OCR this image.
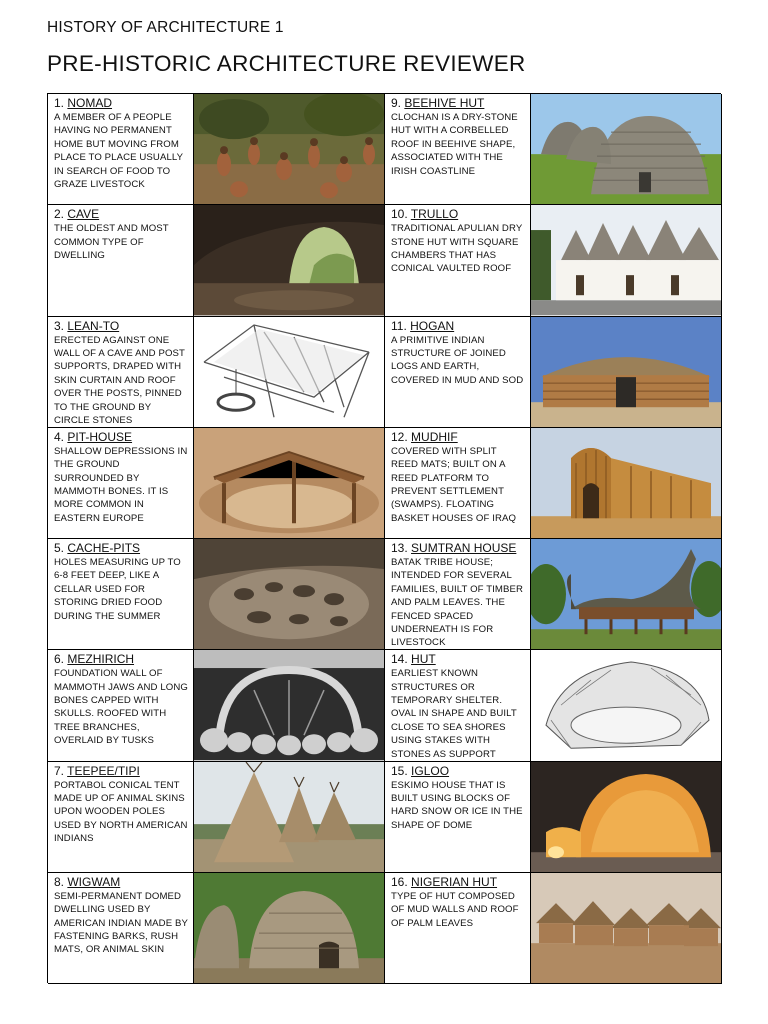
HISTORY OF ARCHITECTURE 1
PRE-HISTORIC ARCHITECTURE REVIEWER
1. NOMAD
A MEMBER OF A PEOPLE HAVING NO PERMANENT HOME BUT MOVING FROM PLACE TO PLACE USUALLY IN SEARCH OF FOOD TO GRAZE LIVESTOCK
9. BEEHIVE HUT
CLOCHAN IS A DRY-STONE HUT WITH A CORBELLED ROOF IN BEEHIVE SHAPE, ASSOCIATED WITH THE IRISH COASTLINE
2. CAVE
THE OLDEST AND MOST COMMON TYPE OF DWELLING
10. TRULLO
TRADITIONAL APULIAN DRY STONE HUT WITH SQUARE CHAMBERS THAT HAS CONICAL VAULTED ROOF
3. LEAN-TO
ERECTED AGAINST ONE WALL OF A CAVE AND POST SUPPORTS, DRAPED WITH SKIN CURTAIN AND ROOF OVER THE POSTS, PINNED TO THE GROUND BY CIRCLE STONES
11. HOGAN
A PRIMITIVE INDIAN STRUCTURE OF JOINED LOGS AND EARTH, COVERED IN MUD AND SOD
4. PIT-HOUSE
SHALLOW DEPRESSIONS IN THE GROUND SURROUNDED BY MAMMOTH BONES. IT IS MORE COMMON IN EASTERN EUROPE
12. MUDHIF
COVERED WITH SPLIT REED MATS; BUILT ON A REED PLATFORM TO PREVENT SETTLEMENT (SWAMPS). FLOATING BASKET HOUSES OF IRAQ
5. CACHE-PITS
HOLES MEASURING UP TO 6-8 FEET DEEP, LIKE A CELLAR USED FOR STORING DRIED FOOD DURING THE SUMMER
13. SUMTRAN HOUSE
BATAK TRIBE HOUSE; INTENDED FOR SEVERAL FAMILIES, BUILT OF TIMBER AND PALM LEAVES. THE FENCED SPACED UNDERNEATH IS FOR LIVESTOCK
6. MEZHIRICH
FOUNDATION WALL OF MAMMOTH JAWS AND LONG BONES CAPPED WITH SKULLS. ROOFED WITH TREE BRANCHES, OVERLAID BY TUSKS
14. HUT
EARLIEST KNOWN STRUCTURES OR TEMPORARY SHELTER. OVAL IN SHAPE AND BUILT CLOSE TO SEA SHORES USING STAKES WITH STONES AS SUPPORT
7. TEEPEE/TIPI
PORTABOL CONICAL TENT MADE UP OF ANIMAL SKINS UPON WOODEN POLES USED BY NORTH AMERICAN INDIANS
15. IGLOO
ESKIMO HOUSE THAT IS BUILT USING BLOCKS OF HARD SNOW OR ICE IN THE SHAPE OF DOME
8. WIGWAM
SEMI-PERMANENT DOMED DWELLING USED BY AMERICAN INDIAN MADE BY FASTENING BARKS, RUSH MATS, OR ANIMAL SKIN
16. NIGERIAN HUT
TYPE OF HUT COMPOSED OF MUD WALLS AND ROOF OF PALM LEAVES
